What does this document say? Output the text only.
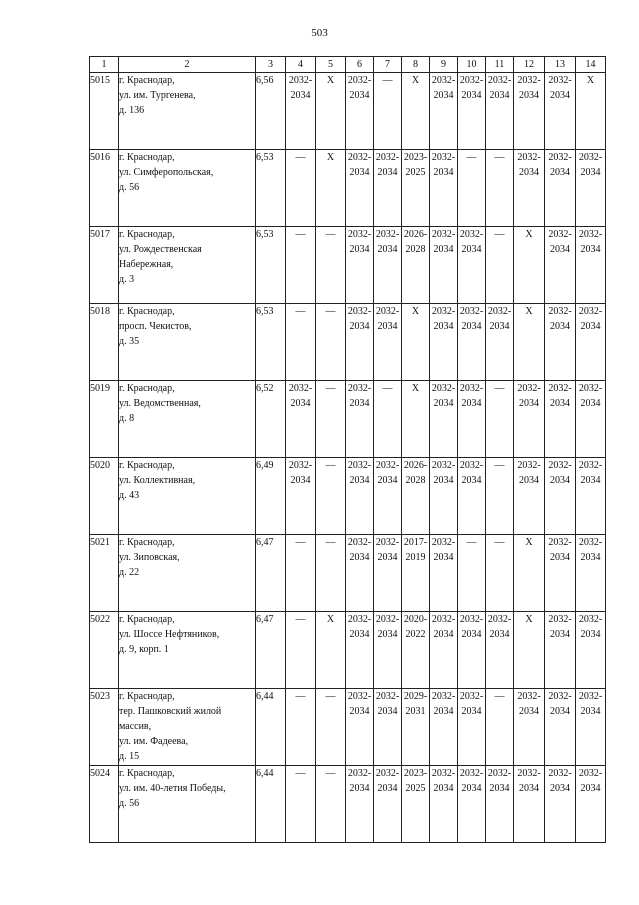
503
1	2	3	4	5	6	7	8	9	10	11	12	13	14
5015	г. Краснодар,
ул. им. Тургенева,
д. 136	6,56	2032-
2034	Х	2032-
2034	—	Х	2032-
2034	2032-
2034	2032-
2034	2032-
2034	2032-
2034	Х
5016	г. Краснодар,
ул. Симферопольская,
д. 56	6,53	—	Х	2032-
2034	2032-
2034	2023-
2025	2032-
2034	—	—	2032-
2034	2032-
2034	2032-
2034

5017	г. Краснодар,
ул. Рождественская
Набережная,
д. 3	6,53	—	—	2032-
2034	2032-
2034	2026-
2028	2032-
2034	2032-
2034	—	Х	2032-
2034	2032-
2034

5018	г. Краснодар,
просп. Чекистов,
д. 35	6,53	—	—	2032-
2034	2032-
2034	Х	2032-
2034	2032-
2034	2032-
2034	Х	2032-
2034	2032-
2034

5019	г. Краснодар,
ул. Ведомственная,
д. 8	6,52	2032-
2034	—	2032-
2034	—	Х	2032-
2034	2032-
2034	—	2032-
2034	2032-
2034	2032-
2034

5020	г. Краснодар,
ул. Коллективная,
д. 43	6,49	2032-
2034	—	2032-
2034	2032-
2034	2026-
2028	2032-
2034	2032-
2034	—	2032-
2034	2032-
2034	2032-
2034

5021	г. Краснодар,
ул. Зиповская,
д. 22	6,47	—	—	2032-
2034	2032-
2034	2017-
2019	2032-
2034	—	—	Х	2032-
2034	2032-
2034

5022	г. Краснодар,
ул. Шоссе Нефтяников,
д. 9, корп. 1	6,47	—	Х	2032-
2034	2032-
2034	2020-
2022	2032-
2034	2032-
2034	2032-
2034	Х	2032-
2034	2032-
2034

5023	г. Краснодар,
тер. Пашковский жилой
массив,
ул. им. Фадеева,
д. 15	6,44	—	—	2032-
2034	2032-
2034	2029-
2031	2032-
2034	2032-
2034	—	2032-
2034	2032-
2034	2032-
2034

5024	г. Краснодар,
ул. им. 40-летия Победы,
д. 56	6,44	—	—	2032-
2034	2032-
2034	2023-
2025	2032-
2034	2032-
2034	2032-
2034	2032-
2034	2032-
2034	2032-
2034
